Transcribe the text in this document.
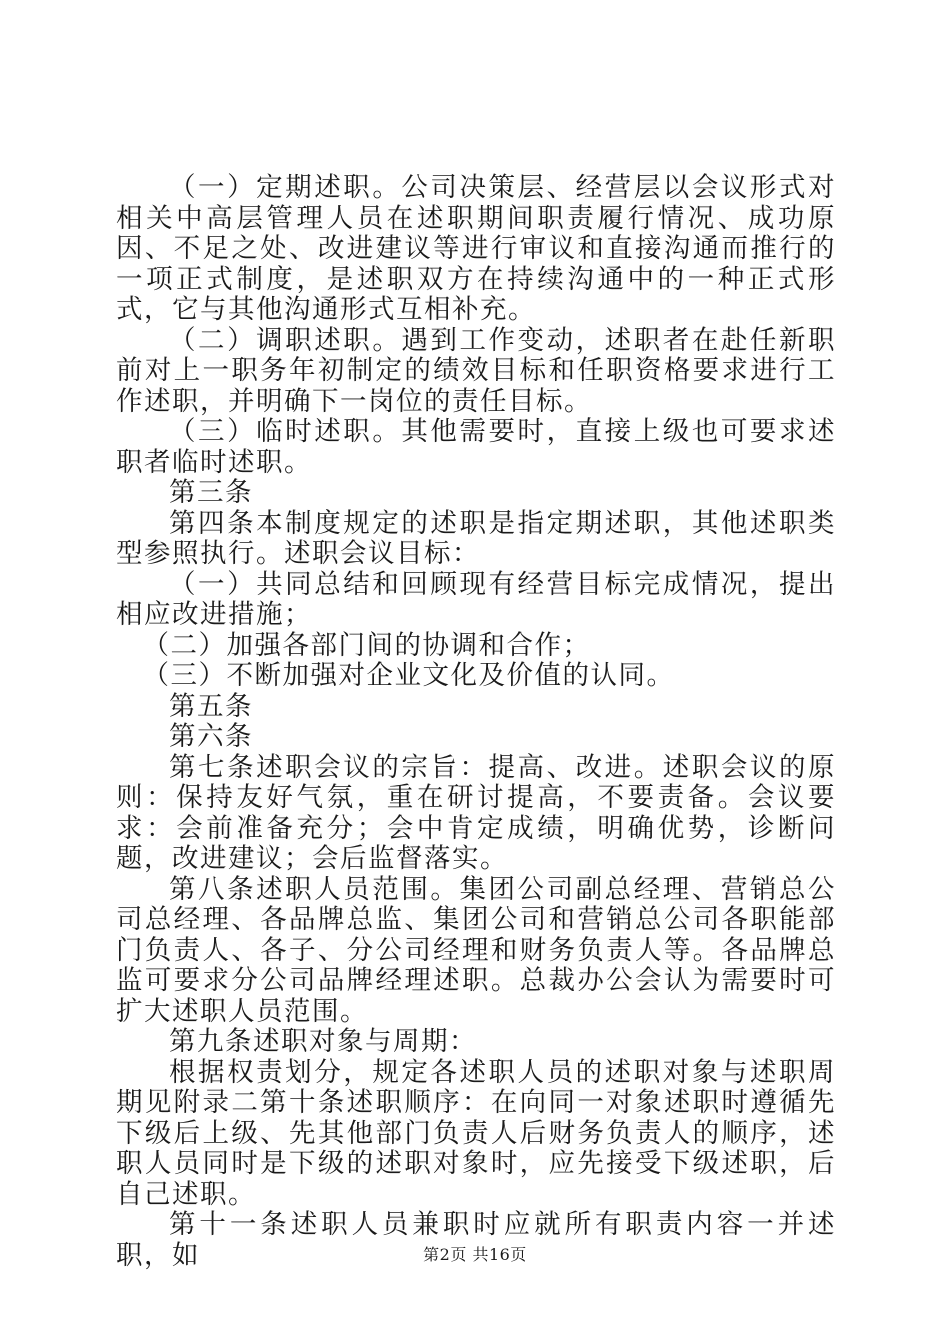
（一）定期述职。公司决策层、经营层以会议形式对相关中高层管理人员在述职期间职责履行情况、成功原因、不足之处、改进建议等进行审议和直接沟通而推行的一项正式制度，是述职双方在持续沟通中的一种正式形式，它与其他沟通形式互相补充。

（二）调职述职。遇到工作变动，述职者在赴任新职前对上一职务年初制定的绩效目标和任职资格要求进行工作述职，并明确下一岗位的责任目标。

（三）临时述职。其他需要时，直接上级也可要求述职者临时述职。

第三条

第四条本制度规定的述职是指定期述职，其他述职类型参照执行。述职会议目标：

（一）共同总结和回顾现有经营目标完成情况，提出相应改进措施；

（二）加强各部门间的协调和合作；

（三）不断加强对企业文化及价值的认同。

第五条

第六条

第七条述职会议的宗旨：提高、改进。述职会议的原则：保持友好气氛，重在研讨提高，不要责备。会议要求：会前准备充分；会中肯定成绩，明确优势，诊断问题，改进建议；会后监督落实。

第八条述职人员范围。集团公司副总经理、营销总公司总经理、各品牌总监、集团公司和营销总公司各职能部门负责人、各子、分公司经理和财务负责人等。各品牌总监可要求分公司品牌经理述职。总裁办公会认为需要时可扩大述职人员范围。

第九条述职对象与周期：

根据权责划分，规定各述职人员的述职对象与述职周期见附录二第十条述职顺序：在向同一对象述职时遵循先下级后上级、先其他部门负责人后财务负责人的顺序，述职人员同时是下级的述职对象时，应先接受下级述职，后自己述职。

第十一条述职人员兼职时应就所有职责内容一并述职，如	第2页 共16页
